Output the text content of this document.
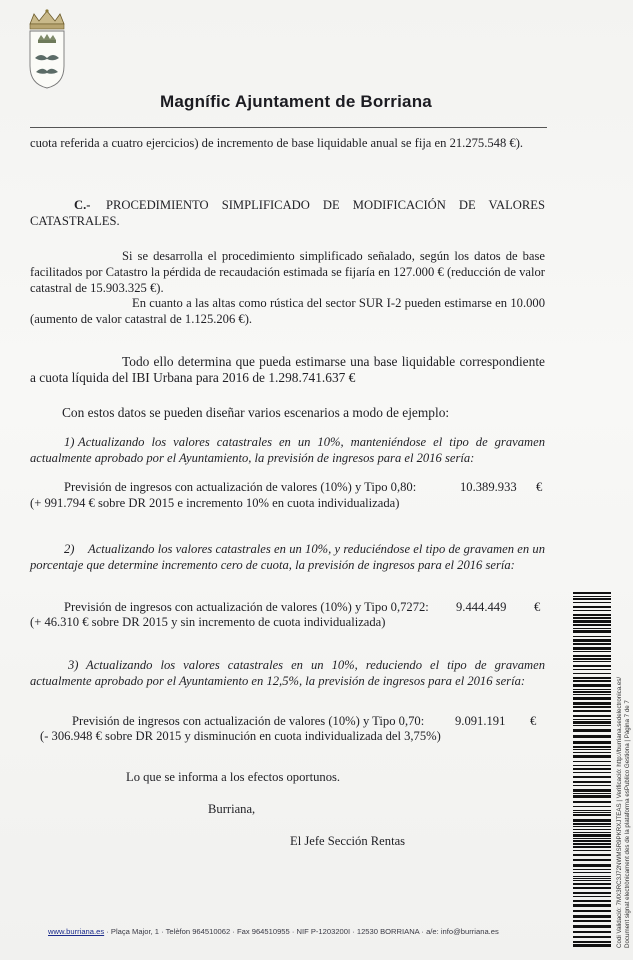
Magnífic Ajuntament de Borriana

cuota referida a cuatro ejercicios) de incremento de base liquidable anual se fija en 21.275.548 €).

C.-	PROCEDIMIENTO SIMPLIFICADO DE MODIFICACIÓN DE VALORES CATASTRALES.

Si se desarrolla el procedimiento simplificado señalado, según los datos de base facilitados por Catastro la pérdida de recaudación estimada se fijaría en 127.000 € (reducción de valor catastral de 15.903.325 €).

En cuanto a las altas como rústica del sector SUR I-2 pueden estimarse en 10.000 (aumento de valor catastral de 1.125.206 €).

Todo ello determina que pueda estimarse una base liquidable correspondiente a cuota líquida del IBI Urbana para 2016 de 1.298.741.637 €

Con estos datos se pueden diseñar varios escenarios a modo de ejemplo:

1) Actualizando los valores catastrales en un 10%, manteniéndose el tipo de gravamen actualmente aprobado por el Ayuntamiento, la previsión de ingresos para el 2016 sería:

Previsión de ingresos con actualización de valores (10%) y Tipo 0,80:	10.389.933 €
(+ 991.794 € sobre DR 2015 e incremento 10% en cuota individualizada)

2)	Actualizando los valores catastrales en un 10%, y reduciéndose el tipo de gravamen en un porcentaje que determine incremento cero de cuota, la previsión de ingresos para el 2016 sería:

Previsión de ingresos con actualización de valores (10%) y Tipo 0,7272: 9.444.449 €
(+ 46.310 € sobre DR 2015 y sin incremento de cuota individualizada)

3) Actualizando los valores catastrales en un 10%, reduciendo el tipo de gravamen actualmente aprobado por el Ayuntamiento en 12,5%, la previsión de ingresos para el 2016 sería:

Previsión de ingresos con actualización de valores (10%) y Tipo 0,70: 9.091.191 €
(- 306.948 € sobre DR 2015 y disminución en cuota individualizada del 3,75%)
Lo que se informa a los efectos oportunos.
Burriana,
El Jefe Sección Rentas
www.burriana.es · Plaça Major, 1 · Telèfon 964510062 · Fax 964510955 · NIF P-1203200I · 12530 BORRIANA · a/e: info@burriana.es	Codi Validació: 7MX3RC3J72NWMSR9PKRXJTEAS | Verificació: http://burriana.sedelectronica.es/ Document signat electrònicament des de la plataforma esPublico Gestiona | Pàgina 7 de 7
